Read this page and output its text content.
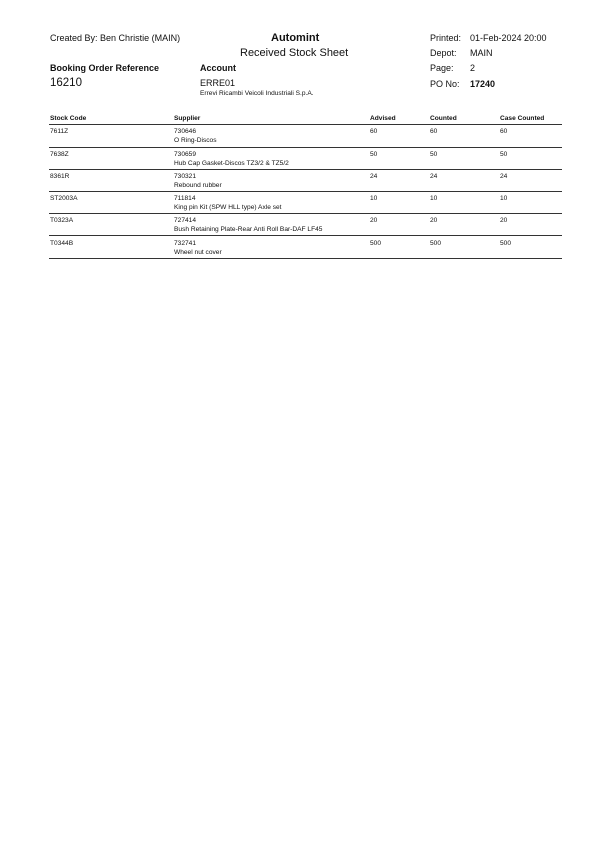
Created By: Ben Christie (MAIN)	Automint
Received Stock Sheet
Printed: 01-Feb-2024 20:00
Depot: MAIN
Page: 2
PO No: 17240
Booking Order Reference
16210
Account
ERRE01
Errevi Ricambi Veicoli Industriali S.p.A.
Stock Code	Supplier	Advised	Counted	Case Counted
7611Z	730646
O Ring-Discos
60	60	60
7638Z	730659
Hub Cap Gasket-Discos TZ3/2 & TZ5/2
50	50	50
8361R	730321
Rebound rubber
24	24	24
ST2003A	711814
King pin Kit (SPW HLL type) Axle set
10	10	10
T0323A	727414
Bush Retaining Plate-Rear Anti Roll Bar-DAF LF45
20	20	20
T0344B	732741
Wheel nut cover
500	500	500
